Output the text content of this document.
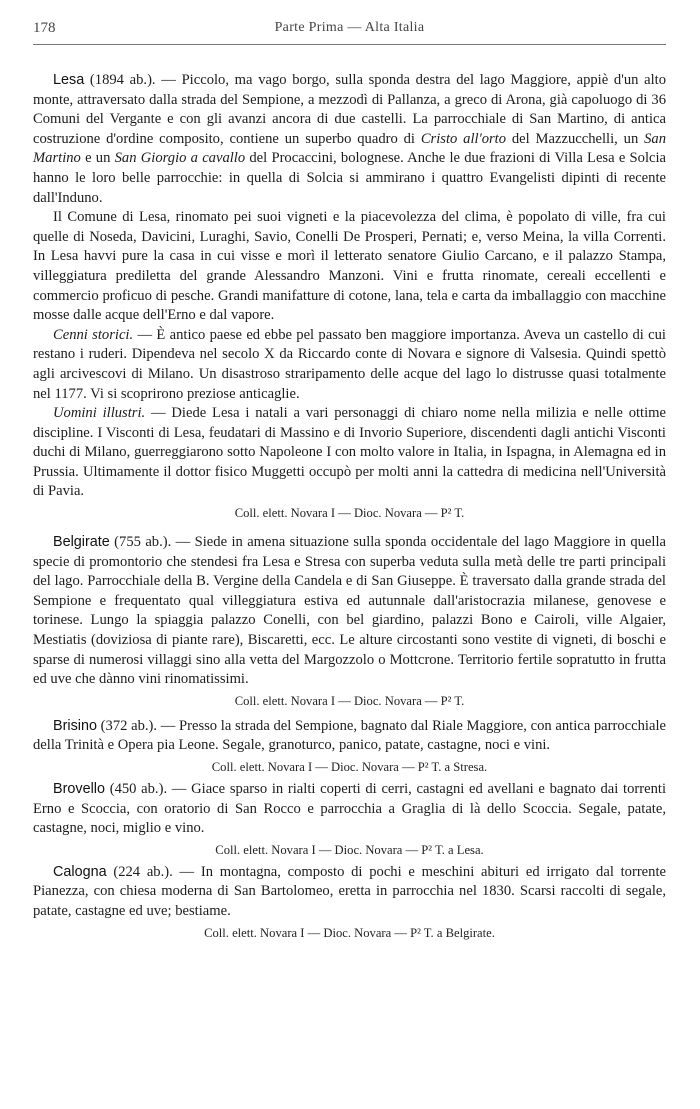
178	Parte Prima — Alta Italia

Lesa (1894 ab.). — Piccolo, ma vago borgo, sulla sponda destra del lago Maggiore, appiè d'un alto monte, attraversato dalla strada del Sempione, a mezzodì di Pallanza, a greco di Arona, già capoluogo di 36 Comuni del Vergante e con gli avanzi ancora di due castelli. La parrocchiale di San Martino, di antica costruzione d'ordine composito, contiene un superbo quadro di Cristo all'orto del Mazzucchelli, un San Martino e un San Giorgio a cavallo del Procaccini, bolognese. Anche le due frazioni di Villa Lesa e Solcia hanno le loro belle parrocchie: in quella di Solcia si ammirano i quattro Evangelisti dipinti di recente dall'Induno.

Il Comune di Lesa, rinomato pei suoi vigneti e la piacevolezza del clima, è popolato di ville, fra cui quelle di Noseda, Davicini, Luraghi, Savio, Conelli De Prosperi, Pernati; e, verso Meina, la villa Correnti. In Lesa havvi pure la casa in cui visse e morì il letterato senatore Giulio Carcano, e il palazzo Stampa, villeggiatura prediletta del grande Alessandro Manzoni. Vini e frutta rinomate, cereali eccellenti e commercio proficuo di pesche. Grandi manifatture di cotone, lana, tela e carta da imballaggio con macchine mosse dalle acque dell'Erno e dal vapore.

Cenni storici. — È antico paese ed ebbe pel passato ben maggiore importanza. Aveva un castello di cui restano i ruderi. Dipendeva nel secolo X da Riccardo conte di Novara e signore di Valsesia. Quindi spettò agli arcivescovi di Milano. Un disastroso straripamento delle acque del lago lo distrusse quasi totalmente nel 1177. Vi si scoprirono preziose anticaglie.

Uomini illustri. — Diede Lesa i natali a vari personaggi di chiaro nome nella milizia e nelle ottime discipline. I Visconti di Lesa, feudatari di Massino e di Invorio Superiore, discendenti dagli antichi Visconti duchi di Milano, guerreggiarono sotto Napoleone I con molto valore in Italia, in Ispagna, in Alemagna ed in Prussia. Ultimamente il dottor fisico Muggetti occupò per molti anni la cattedra di medicina nell'Università di Pavia.

Coll. elett. Novara I — Dioc. Novara — P² T.

Belgirate (755 ab.). — Siede in amena situazione sulla sponda occidentale del lago Maggiore in quella specie di promontorio che stendesi fra Lesa e Stresa con superba veduta sulla metà delle tre parti principali del lago. Parrocchiale della B. Vergine della Candela e di San Giuseppe. È traversato dalla grande strada del Sempione e frequentato qual villeggiatura estiva ed autunnale dall'aristocrazia milanese, genovese e torinese. Lungo la spiaggia palazzo Conelli, con bel giardino, palazzi Bono e Cairoli, ville Algaier, Mestiatis (doviziosa di piante rare), Biscaretti, ecc. Le alture circostanti sono vestite di vigneti, di boschi e sparse di numerosi villaggi sino alla vetta del Margozzolo o Mottcrone. Territorio fertile sopratutto in frutta ed uve che dànno vini rinomatissimi.

Coll. elett. Novara I — Dioc. Novara — P² T.

Brisino (372 ab.). — Presso la strada del Sempione, bagnato dal Riale Maggiore, con antica parrocchiale della Trinità e Opera pia Leone. Segale, granoturco, panico, patate, castagne, noci e vini.

Coll. elett. Novara I — Dioc. Novara — P² T. a Stresa.

Brovello (450 ab.). — Giace sparso in rialti coperti di cerri, castagni ed avellani e bagnato dai torrenti Erno e Scoccia, con oratorio di San Rocco e parrocchia a Graglia di là dello Scoccia. Segale, patate, castagne, noci, miglio e vino.

Coll. elett. Novara I — Dioc. Novara — P² T. a Lesa.

Calogna (224 ab.). — In montagna, composto di pochi e meschini abituri ed irrigato dal torrente Pianezza, con chiesa moderna di San Bartolomeo, eretta in parrocchia nel 1830. Scarsi raccolti di segale, patate, castagne ed uve; bestiame.

Coll. elett. Novara I — Dioc. Novara — P² T. a Belgirate.
